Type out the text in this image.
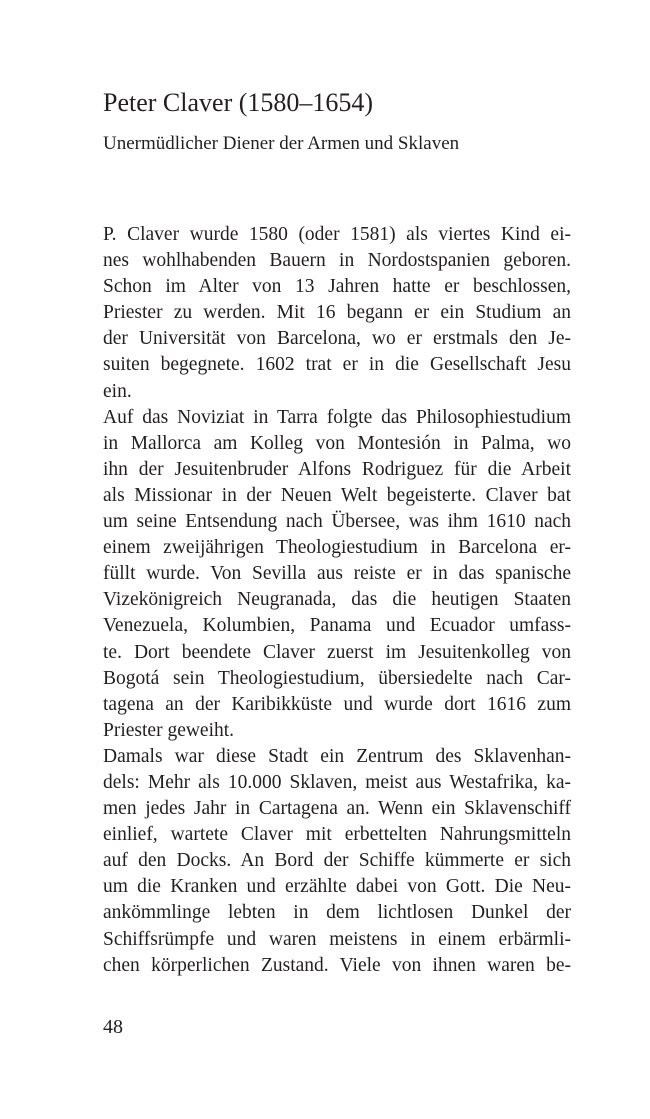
Peter Claver (1580–1654)
Unermüdlicher Diener der Armen und Sklaven
P. Claver wurde 1580 (oder 1581) als viertes Kind ei-
nes wohlhabenden Bauern in Nordostspanien geboren.
Schon im Alter von 13 Jahren hatte er beschlossen,
Priester zu werden. Mit 16 begann er ein Studium an
der Universität von Barcelona, wo er erstmals den Je-
suiten begegnete. 1602 trat er in die Gesellschaft Jesu
ein.
Auf das Noviziat in Tarra folgte das Philosophiestudium
in Mallorca am Kolleg von Montesión in Palma, wo
ihn der Jesuitenbruder Alfons Rodriguez für die Arbeit
als Missionar in der Neuen Welt begeisterte. Claver bat
um seine Entsendung nach Übersee, was ihm 1610 nach
einem zweijährigen Theologiestudium in Barcelona er-
füllt wurde. Von Sevilla aus reiste er in das spanische
Vizekönigreich Neugranada, das die heutigen Staaten
Venezuela, Kolumbien, Panama und Ecuador umfass-
te. Dort beendete Claver zuerst im Jesuitenkolleg von
Bogotá sein Theologiestudium, übersiedelte nach Car-
tagena an der Karibikküste und wurde dort 1616 zum
Priester geweiht.
Damals war diese Stadt ein Zentrum des Sklavenhan-
dels: Mehr als 10.000 Sklaven, meist aus Westafrika, ka-
men jedes Jahr in Cartagena an. Wenn ein Sklavenschiff
einlief, wartete Claver mit erbettelten Nahrungsmitteln
auf den Docks. An Bord der Schiffe kümmerte er sich
um die Kranken und erzählte dabei von Gott. Die Neu-
ankömmlinge lebten in dem lichtlosen Dunkel der
Schiffsrümpfe und waren meistens in einem erbärmli-
chen körperlichen Zustand. Viele von ihnen waren be-
48
